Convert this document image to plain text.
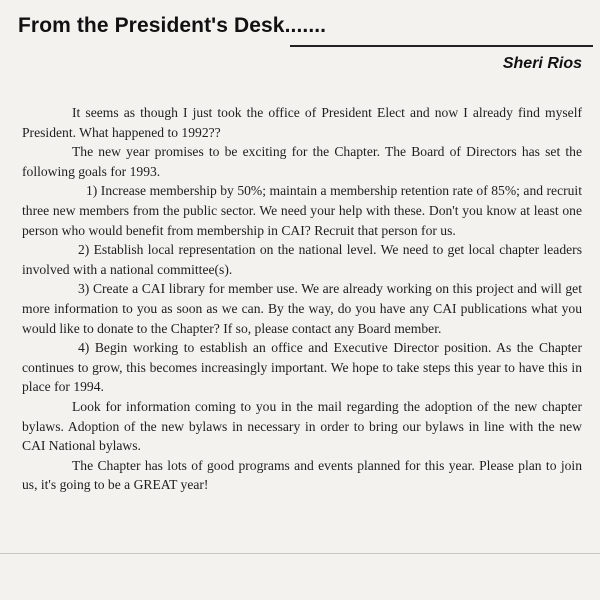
From the President's Desk.......

Sheri Rios

It seems as though I just took the office of President Elect and now I already find myself President. What happened to 1992??

The new year promises to be exciting for the Chapter. The Board of Directors has set the following goals for 1993.

1) Increase membership by 50%; maintain a membership retention rate of 85%; and recruit three new members from the public sector. We need your help with these. Don't you know at least one person who would benefit from membership in CAI? Recruit that person for us.

2) Establish local representation on the national level. We need to get local chapter leaders involved with a national committee(s).

3) Create a CAI library for member use. We are already working on this project and will get more information to you as soon as we can. By the way, do you have any CAI publications what you would like to donate to the Chapter? If so, please contact any Board member.

4) Begin working to establish an office and Executive Director position. As the Chapter continues to grow, this becomes increasingly important. We hope to take steps this year to have this in place for 1994.

Look for information coming to you in the mail regarding the adoption of the new chapter bylaws. Adoption of the new bylaws in necessary in order to bring our bylaws in line with the new CAI National bylaws.

The Chapter has lots of good programs and events planned for this year. Please plan to join us, it's going to be a GREAT year!
